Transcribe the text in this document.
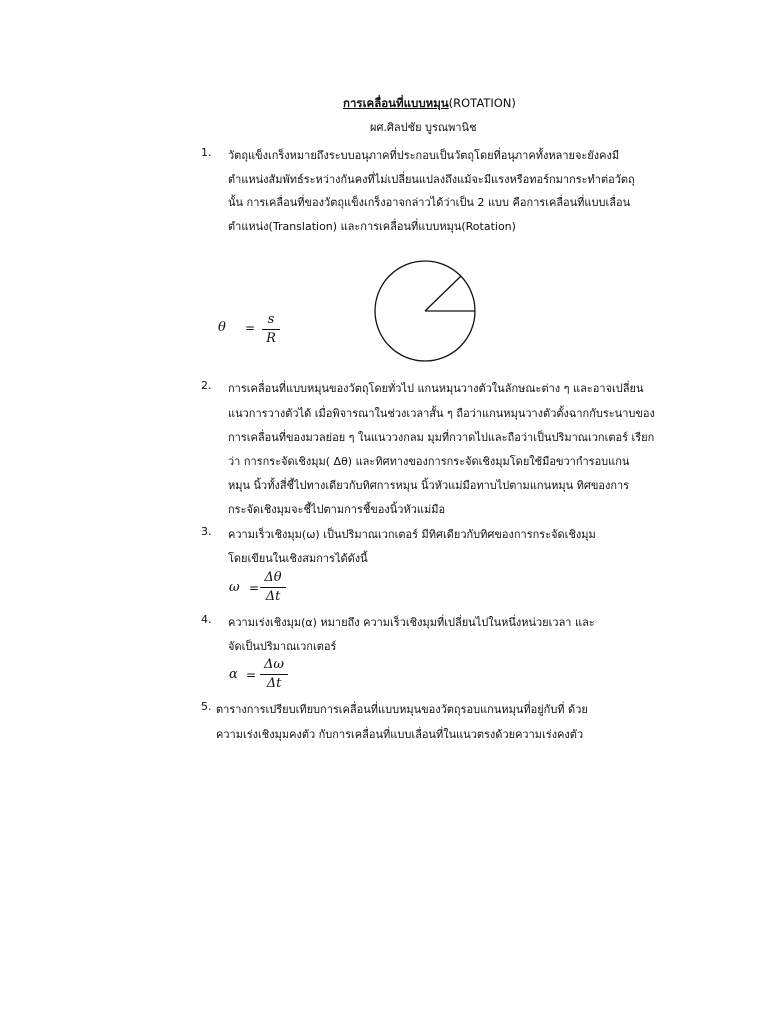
การเคลื่อนที่แบบหมุน(ROTATION)
ผศ.ศิลปชัย บูรณพานิช
1. วัตถุแข็งเกร็งหมายถึงระบบอนุภาคที่ประกอบเป็นวัตถุโดยที่อนุภาคทั้งหลายจะยังคงมี
ตำแหน่งสัมพัทธ์ระหว่างกันคงที่ไม่เปลี่ยนแปลงถึงแม้จะมีแรงหรือทอร์กมากระทำต่อวัตถุ
นั้น การเคลื่อนที่ของวัตถุแข็งเกร็งอาจกล่าวได้ว่าเป็น 2 แบบ คือการเคลื่อนที่แบบเลื่อน
ตำแหน่ง(Translation) และการเคลื่อนที่แบบหมุน(Rotation)
θ =
s
R
2. การเคลื่อนที่แบบหมุนของวัตถุโดยทั่วไป แกนหมุนวางตัวในลักษณะต่าง ๆ และอาจเปลี่ยน
แนวการวางตัวได้ เมื่อพิจารณาในช่วงเวลาสั้น ๆ ถือว่าแกนหมุนวางตัวตั้งฉากกับระนาบของ
การเคลื่อนที่ของมวลย่อย ๆ ในแนววงกลม มุมที่กวาดไปและถือว่าเป็นปริมาณเวกเตอร์ เรียก
ว่า การกระจัดเชิงมุม( Δθ) และทิศทางของการกระจัดเชิงมุมโดยใช้มือขวากำรอบแกน
หมุน นิ้วทั้งสี่ชี้ไปทางเดียวกับทิศการหมุน นิ้วหัวแม่มือทาบไปตามแกนหมุน ทิศของการ
กระจัดเชิงมุมจะชี้ไปตามการชี้ของนิ้วหัวแม่มือ
3. ความเร็วเชิงมุม(ω) เป็นปริมาณเวกเตอร์ มีทิศเดียวกับทิศของการกระจัดเชิงมุม
โดยเขียนในเชิงสมการได้ดังนี้
ω =
Δθ
Δt
4. ความเร่งเชิงมุม(α) หมายถึง ความเร็วเชิงมุมที่เปลี่ยนไปในหนึ่งหน่วยเวลา และ
จัดเป็นปริมาณเวกเตอร์
α =
Δω
Δt
5. ตารางการเปรียบเทียบการเคลื่อนที่แบบหมุนของวัตถุรอบแกนหมุนที่อยู่กับที่ ด้วย
ความเร่งเชิงมุมคงตัว กับการเคลื่อนที่แบบเลื่อนที่ในแนวตรงด้วยความเร่งคงตัว
